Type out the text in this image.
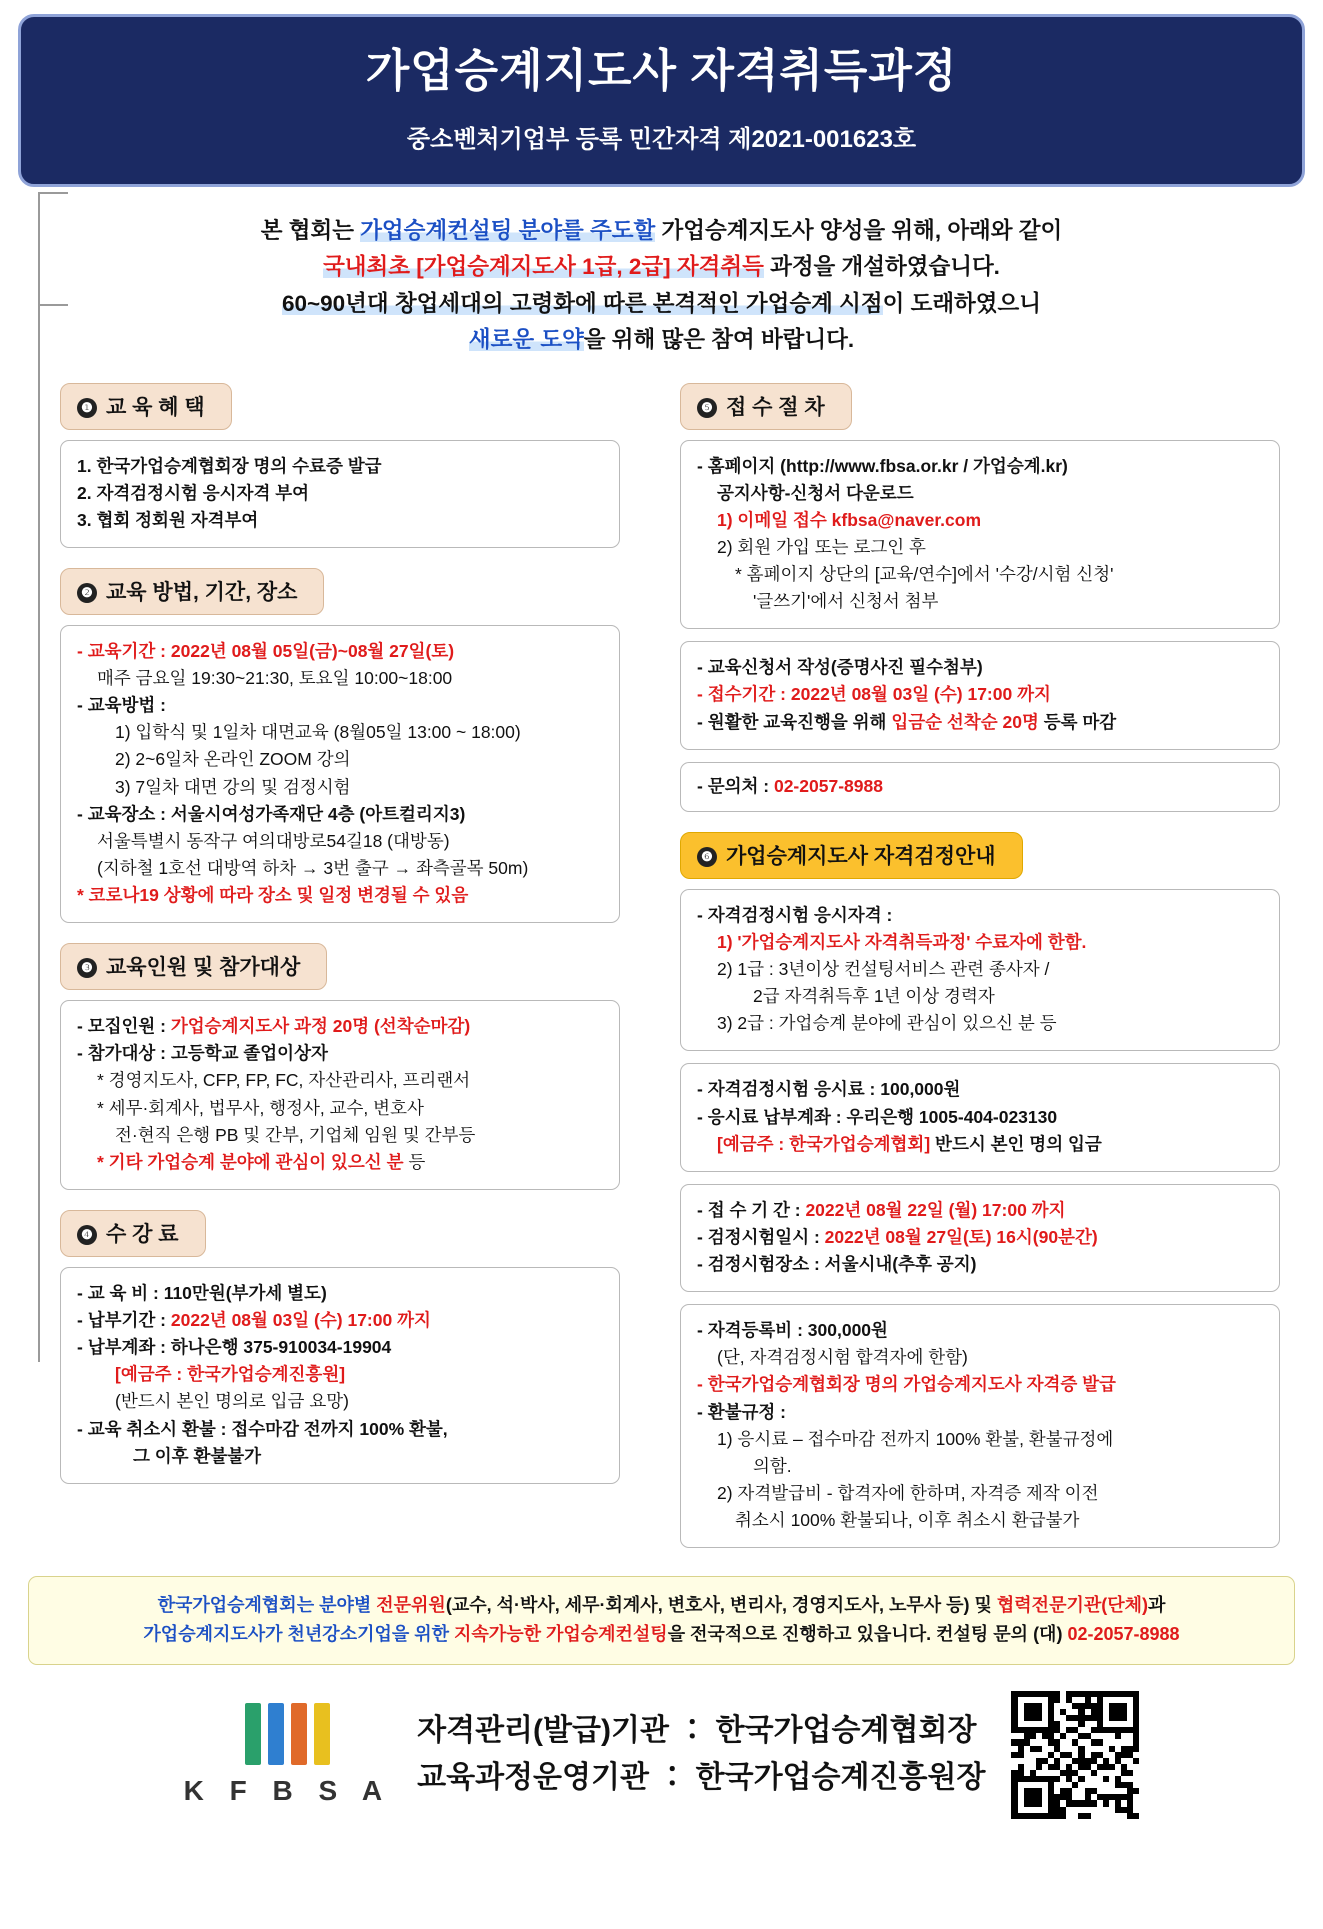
가업승계지도사 자격취득과정
중소벤처기업부 등록 민간자격 제2021-001623호
본 협회는 가업승계컨설팅 분야를 주도할 가업승계지도사 양성을 위해, 아래와 같이
국내최초 [가업승계지도사 1급, 2급] 자격취득 과정을 개설하였습니다.
60~90년대 창업세대의 고령화에 따른 본격적인 가업승계 시점이 도래하였으니
새로운 도약을 위해 많은 참여 바랍니다.
❶ 교 육 혜 택
1. 한국가업승계협회장 명의 수료증 발급
2. 자격검정시험 응시자격 부여
3. 협회 정회원 자격부여
❷ 교육 방법, 기간, 장소
- 교육기간 : 2022년 08월 05일(금)~08월 27일(토)
매주 금요일 19:30~21:30, 토요일 10:00~18:00
- 교육방법 :
1) 입학식 및 1일차 대면교육 (8월05일 13:00 ~ 18:00)
2) 2~6일차 온라인 ZOOM 강의
3) 7일차 대면 강의 및 검정시험
- 교육장소 : 서울시여성가족재단 4층 (아트컬리지3)
서울특별시 동작구 여의대방로54길18 (대방동)
(지하철 1호선 대방역 하차 → 3번 출구 → 좌측골목 50m)
* 코로나19 상황에 따라 장소 및 일정 변경될 수 있음
❸ 교육인원 및 참가대상
- 모집인원 : 가업승계지도사 과정 20명 (선착순마감)
- 참가대상 : 고등학교 졸업이상자
* 경영지도사, CFP, FP, FC, 자산관리사, 프리랜서
* 세무·회계사, 법무사, 행정사, 교수, 변호사
전·현직 은행 PB 및 간부, 기업체 임원 및 간부등
* 기타 가업승계 분야에 관심이 있으신 분 등
❹ 수 강 료
- 교 육 비 : 110만원(부가세 별도)
- 납부기간 : 2022년 08월 03일 (수) 17:00 까지
- 납부계좌 : 하나은행 375-910034-19904
[예금주 : 한국가업승계진흥원]
(반드시 본인 명의로 입금 요망)
- 교육 취소시 환불 : 접수마감 전까지 100% 환불,
그 이후 환불불가
❺ 접 수 절 차
- 홈페이지 (http://www.fbsa.or.kr / 가업승계.kr)
공지사항-신청서 다운로드
1) 이메일 접수 kfbsa@naver.com
2) 회원 가입 또는 로그인 후
* 홈페이지 상단의 [교육/연수]에서 '수강/시험 신청'
'글쓰기'에서 신청서 첨부
- 교육신청서 작성(증명사진 필수첨부)
- 접수기간 : 2022년 08월 03일 (수) 17:00 까지
- 원활한 교육진행을 위해 입금순 선착순 20명 등록 마감
- 문의처 : 02-2057-8988
❻ 가업승계지도사 자격검정안내
- 자격검정시험 응시자격 :
1) '가업승계지도사 자격취득과정' 수료자에 한함.
2) 1급 : 3년이상 컨설팅서비스 관련 종사자 /
2급 자격취득후 1년 이상 경력자
3) 2급 : 가업승계 분야에 관심이 있으신 분 등
- 자격검정시험 응시료 : 100,000원
- 응시료 납부계좌 : 우리은행 1005-404-023130
[예금주 : 한국가업승계협회] 반드시 본인 명의 입금
- 접 수 기 간 : 2022년 08월 22일 (월) 17:00 까지
- 검정시험일시 : 2022년 08월 27일(토) 16시(90분간)
- 검정시험장소 : 서울시내(추후 공지)
- 자격등록비 : 300,000원
(단, 자격검정시험 합격자에 한함)
- 한국가업승계협회장 명의 가업승계지도사 자격증 발급
- 환불규정 :
1) 응시료 – 접수마감 전까지 100% 환불, 환불규정에
의함.
2) 자격발급비 - 합격자에 한하며, 자격증 제작 이전
취소시 100% 환불되나, 이후 취소시 환급불가
한국가업승계협회는 분야별 전문위원(교수, 석·박사, 세무·회계사, 변호사, 변리사, 경영지도사, 노무사 등) 및 협력전문기관(단체)과
가업승계지도사가 천년강소기업을 위한 지속가능한 가업승계컨설팅을 전국적으로 진행하고 있읍니다. 컨설팅 문의 (대) 02-2057-8988
K F B S A
자격관리(발급)기관 ∶ 한국가업승계협회장
교육과정운영기관 ∶ 한국가업승계진흥원장
